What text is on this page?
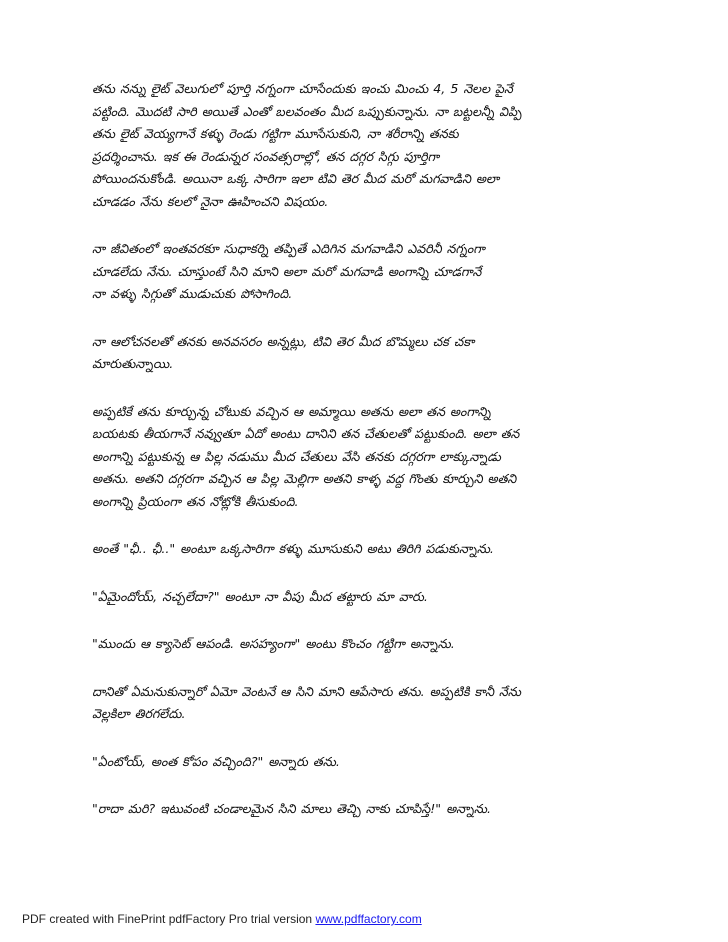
తను నన్ను లైట్ వెలుగులో పూర్తి నగ్నంగా చూసేందుకు ఇంచు మించు 4, 5 నెలల పైనే
పట్టింది. మొదటి సారి అయితే ఎంతో బలవంతం మీద ఒప్పుకున్నాను. నా బట్టలన్నీ విప్పి
తను లైట్ వెయ్యగానే కళ్ళు రెండు గట్టిగా మూసేసుకుని, నా శరీరాన్ని తనకు
ప్రదర్శించాను. ఇక ఈ రెండున్నర సంవత్సరాల్లో, తన దగ్గర సిగ్గు పూర్తిగా
పోయిందనుకోండి. అయినా ఒక్క సారిగా ఇలా టివి తెర మీద మరో మగవాడిని అలా
చూడడం నేను కలలో నైనా ఊహించని విషయం.

నా జీవితంలో ఇంతవరకూ సుధాకర్ని తప్పితే ఎదిగిన మగవాడిని ఎవరినీ నగ్నంగా
చూడలేదు నేను. చూస్తుంటే సిని మాని అలా మరో మగవాడి అంగాన్ని చూడగానే
నా వళ్ళు సిగ్గుతో ముడుచుకు పోసాగింది.

నా ఆలోచనలతో తనకు అనవసరం అన్నట్లు, టివి తెర మీద బొమ్మలు చక చకా
మారుతున్నాయి.

అప్పటికే తను కూర్చున్న చోటుకు వచ్చిన ఆ అమ్మాయి అతను అలా తన అంగాన్ని
బయటకు తీయగానే నవ్వుతూ ఏదో అంటు దానిని తన చేతులతో పట్టుకుంది. అలా తన
అంగాన్ని పట్టుకున్న ఆ పిల్ల నడుము మీద చేతులు వేసి తనకు దగ్గరగా లాక్కున్నాడు
అతను. అతని దగ్గరగా వచ్చిన ఆ పిల్ల మెల్లిగా అతని కాళ్ళ వద్ద గొంతు కూర్చుని అతని
అంగాన్ని ప్రియంగా తన నోట్లోకి తీసుకుంది.

అంతే "ఛీ.. ఛీ.." అంటూ ఒక్కసారిగా కళ్ళు మూసుకుని అటు తిరిగి పడుకున్నాను.

"ఏమైందోయ్, నచ్చలేదా?" అంటూ నా వీపు మీద తట్టారు మా వారు.

"ముందు ఆ క్యాసెట్ ఆపండి. అసహ్యంగా" అంటు కొంచం గట్టిగా అన్నాను.

దానితో ఏమనుకున్నారో ఏమో వెంటనే ఆ సిని మాని ఆపేసారు తను. అప్పటికి కానీ నేను
వెల్లకిలా తిరగలేదు.

"ఏంటోయ్, అంత కోపం వచ్చింది?" అన్నారు తను.

"రాదా మరి? ఇటువంటి చండాలమైన సిని మాలు తెచ్చి నాకు చూపిస్తే!" అన్నాను.

PDF created with FinePrint pdfFactory Pro trial version www.pdffactory.com
